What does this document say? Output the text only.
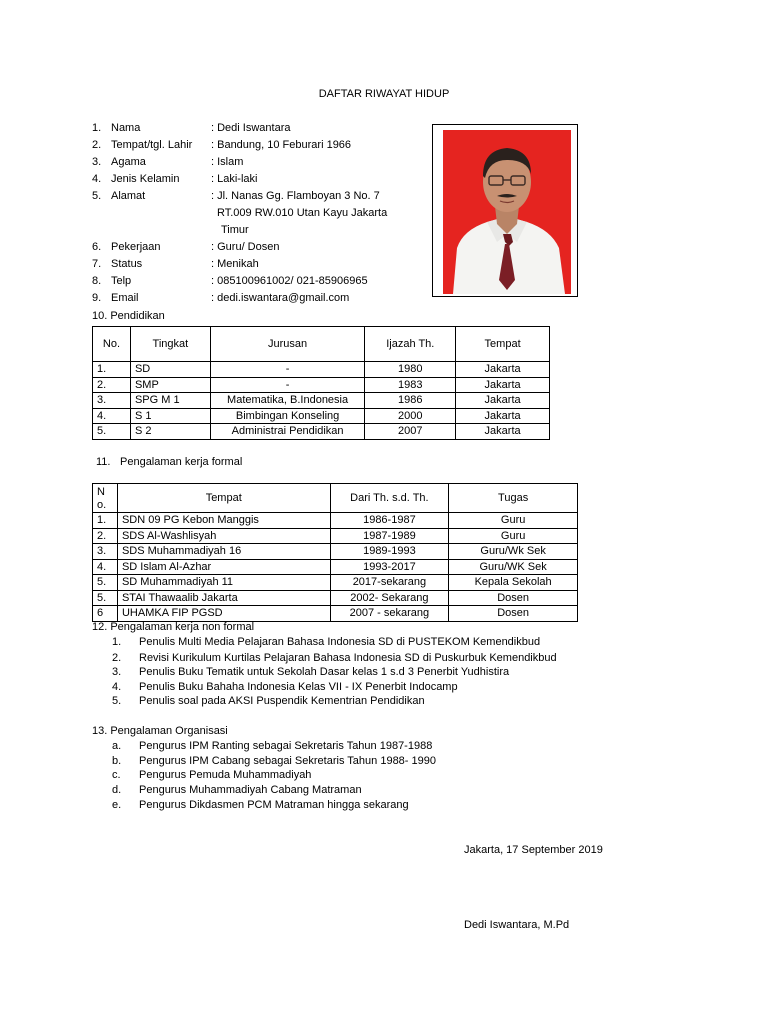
DAFTAR RIWAYAT HIDUP
1. Nama	: Dedi Iswantara
2. Tempat/tgl. Lahir : Bandung, 10 Feburari 1966
3. Agama	: Islam
4. Jenis Kelamin	: Laki-laki
5. Alamat	: Jl. Nanas Gg. Flamboyan 3 No. 7
RT.009 RW.010 Utan Kayu Jakarta
Timur
6. Pekerjaan	: Guru/ Dosen
7. Status	: Menikah
8. Telp	: 085100961002/ 021-85906965
9. Email	: dedi.iswantara@gmail.com
10. Pendidikan
No.	Tingkat	Jurusan	Ijazah Th.	Tempat
1.	SD	-	1980	Jakarta
2.	SMP	-	1983	Jakarta
3.	SPG M 1	Matematika, B.Indonesia	1986	Jakarta
4.	S 1	Bimbingan Konseling	2000	Jakarta
5.	S 2	Administrai Pendidikan	2007	Jakarta
11. Pengalaman kerja formal
N o.	Tempat	Dari Th. s.d. Th.	Tugas
1.	SDN 09 PG Kebon Manggis	1986-1987	Guru
2.	SDS Al-Washlisyah	1987-1989	Guru
3.	SDS Muhammadiyah 16	1989-1993	Guru/Wk Sek
4.	SD Islam Al-Azhar	1993-2017	Guru/WK Sek
5.	SD Muhammadiyah 11	2017-sekarang	Kepala Sekolah
5.	STAI Thawaalib Jakarta	2002- Sekarang	Dosen
6	UHAMKA FIP PGSD	2007 - sekarang	Dosen
12. Pengalaman kerja non formal
1. Penulis Multi Media Pelajaran Bahasa Indonesia SD di PUSTEKOM Kemendikbud
2. Revisi Kurikulum Kurtilas Pelajaran Bahasa Indonesia SD di Puskurbuk Kemendikbud
3. Penulis Buku Tematik untuk Sekolah Dasar kelas 1 s.d 3 Penerbit Yudhistira
4. Penulis Buku Bahaha Indonesia Kelas VII - IX Penerbit Indocamp
5. Penulis soal pada AKSI Puspendik Kementrian Pendidikan
13. Pengalaman Organisasi
a. Pengurus IPM Ranting sebagai Sekretaris Tahun 1987-1988
b. Pengurus IPM Cabang sebagai Sekretaris Tahun 1988- 1990
c. Pengurus Pemuda Muhammadiyah
d. Pengurus Muhammadiyah Cabang Matraman
e. Pengurus Dikdasmen PCM Matraman hingga sekarang
Jakarta, 17 September 2019
Dedi Iswantara, M.Pd
